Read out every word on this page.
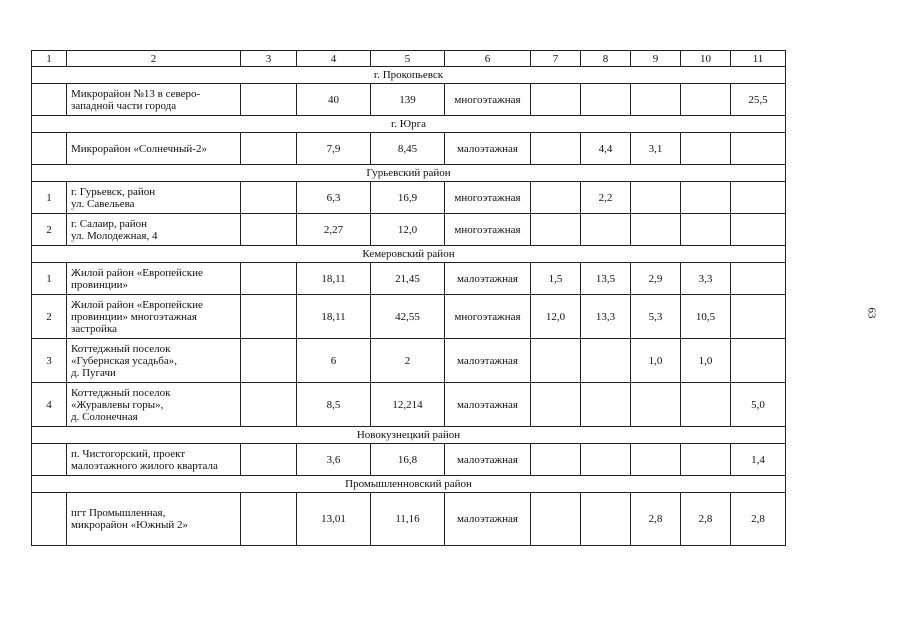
1	2	3	4	5	6	7	8	9	10	11
г. Прокопьевск										
	Микрорайон №13 в северо-
западной части города		40	139	многоэтажная					25,5
г. Юрга										
	Микрорайон «Солнечный-2»		7,9	8,45	малоэтажная		4,4	3,1		
Гурьевский район										
1	г. Гурьевск, район
ул. Савельева		6,3	16,9	многоэтажная		2,2			
2	г. Салаир, район
ул. Молодежная, 4		2,27	12,0	многоэтажная					
Кемеровский район										
1	Жилой район «Европейские
провинции»		18,11	21,45	малоэтажная	1,5	13,5	2,9	3,3	
2	Жилой район «Европейские
провинции» многоэтажная
застройка		18,11	42,55	многоэтажная	12,0	13,3	5,3	10,5	
3	Коттеджный поселок
«Губернская усадьба»,
д. Пугачи		6	2	малоэтажная			1,0	1,0	
4	Коттеджный поселок
«Журавлевы горы»,
д. Солонечная		8,5	12,214	малоэтажная					5,0
Новокузнецкий район										
	п. Чистогорский, проект
малоэтажного жилого квартала		3,6	16,8	малоэтажная					1,4
Промышленновский район										
	пгт Промышленная,
микрорайон «Южный 2»		13,01	11,16	малоэтажная			2,8	2,8	2,8
63
